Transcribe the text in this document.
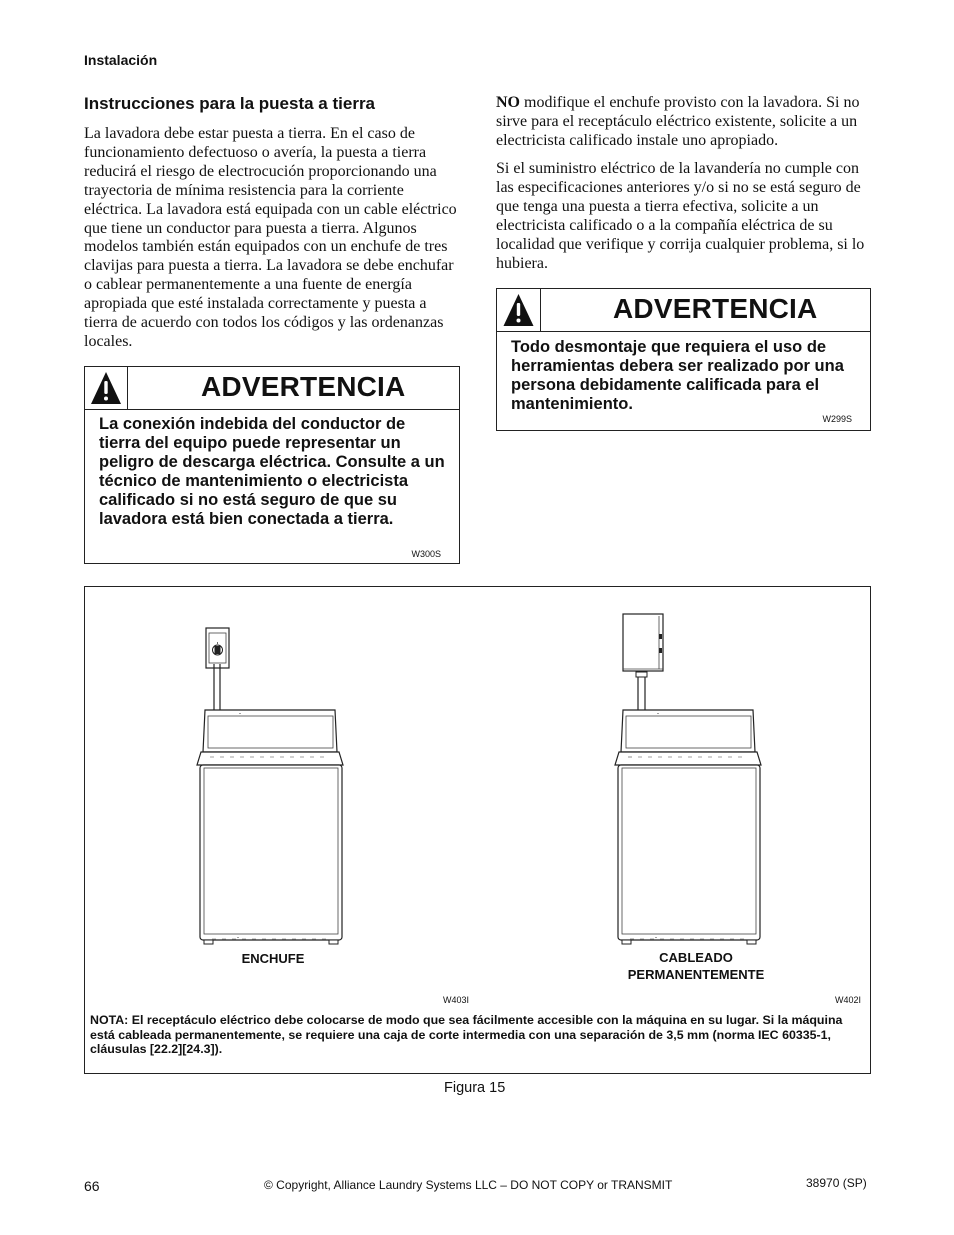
Instalación
Instrucciones para la puesta a tierra

La lavadora debe estar puesta a tierra. En el caso de funcionamiento defectuoso o avería, la puesta a tierra reducirá el riesgo de electrocución proporcionando una trayectoria de mínima resistencia para la corriente eléctrica. La lavadora está equipada con un cable eléctrico que tiene un conductor para puesta a tierra. Algunos modelos también están equipados con un enchufe de tres clavijas para puesta a tierra. La lavadora se debe enchufar o cablear permanentemente a una fuente de energía apropiada que esté instalada correctamente y puesta a tierra de acuerdo con todos los códigos y las ordenanzas locales.

NO modifique el enchufe provisto con la lavadora. Si no sirve para el receptáculo eléctrico existente, solicite a un electricista calificado instale uno apropiado.

Si el suministro eléctrico de la lavandería no cumple con las especificaciones anteriores y/o si no se está seguro de que tenga una puesta a tierra efectiva, solicite a un electricista calificado o a la compañía eléctrica de su localidad que verifique y corrija cualquier problema, si lo hubiera.

ADVERTENCIA

La conexión indebida del conductor de tierra del equipo puede representar un peligro de descarga eléctrica. Consulte a un técnico de mantenimiento o electricista calificado si no está seguro de que su lavadora está bien conectada a tierra.

W300S
ADVERTENCIA

Todo desmontaje que requiera el uso de herramientas debera ser realizado por una persona debidamente calificada para el mantenimiento.

W299S
ENCHUFE	CABLEADO
PERMANENTEMENTE
W403I	W402I
NOTA: El receptáculo eléctrico debe colocarse de modo que sea fácilmente accesible con la máquina en su lugar. Si la máquina está cableada permanentemente, se requiere una caja de corte intermedia con una separación de 3,5 mm (norma IEC 60335-1, cláusulas [22.2][24.3]).
Figura 15
66	© Copyright, Alliance Laundry Systems LLC – DO NOT COPY or TRANSMIT	38970 (SP)
